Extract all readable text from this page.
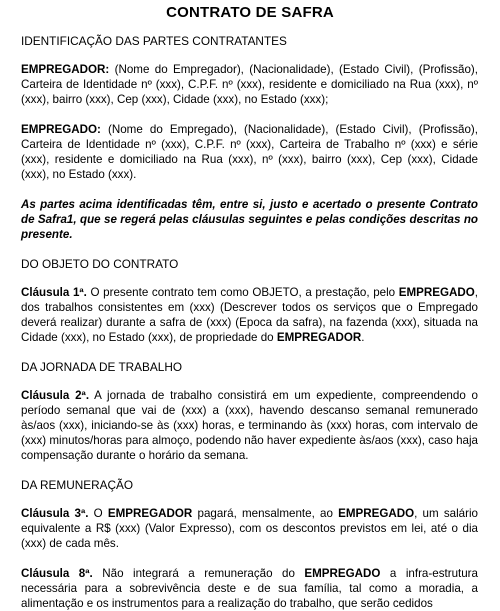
CONTRATO DE SAFRA
IDENTIFICAÇÃO DAS PARTES CONTRATANTES

EMPREGADOR: (Nome do Empregador), (Nacionalidade), (Estado Civil), (Profissão), Carteira de Identidade nº (xxx), C.P.F. nº (xxx), residente e domiciliado na Rua (xxx), nº (xxx), bairro (xxx), Cep (xxx), Cidade (xxx), no Estado (xxx);

EMPREGADO: (Nome do Empregado), (Nacionalidade), (Estado Civil), (Profissão), Carteira de Identidade nº (xxx), C.P.F. nº (xxx), Carteira de Trabalho nº (xxx) e série (xxx), residente e domiciliado na Rua (xxx), nº (xxx), bairro (xxx), Cep (xxx), Cidade (xxx), no Estado (xxx).

As partes acima identificadas têm, entre si, justo e acertado o presente Contrato de Safra1, que se regerá pelas cláusulas seguintes e pelas condições descritas no presente.

DO OBJETO DO CONTRATO

Cláusula 1ª. O presente contrato tem como OBJETO, a prestação, pelo EMPREGADO, dos trabalhos consistentes em (xxx) (Descrever todos os serviços que o Empregado deverá realizar) durante a safra de (xxx) (Epoca da safra), na fazenda (xxx), situada na Cidade (xxx), no Estado (xxx), de propriedade do EMPREGADOR.

DA JORNADA DE TRABALHO

Cláusula 2ª. A jornada de trabalho consistirá em um expediente, compreendendo o período semanal que vai de (xxx) a (xxx), havendo descanso semanal remunerado às/aos (xxx), iniciando-se às (xxx) horas, e terminando às (xxx) horas, com intervalo de (xxx) minutos/horas para almoço, podendo não haver expediente às/aos (xxx), caso haja compensação durante o horário da semana.

DA REMUNERAÇÃO

Cláusula 3ª. O EMPREGADOR pagará, mensalmente, ao EMPREGADO, um salário equivalente a R$ (xxx) (Valor Expresso), com os descontos previstos em lei, até o dia (xxx) de cada mês.

Cláusula 8ª. Não integrará a remuneração do EMPREGADO a infra-estrutura necessária para a sobrevivência deste e de sua família, tal como a moradia, a alimentação e os instrumentos para a realização do trabalho, que serão cedidos
